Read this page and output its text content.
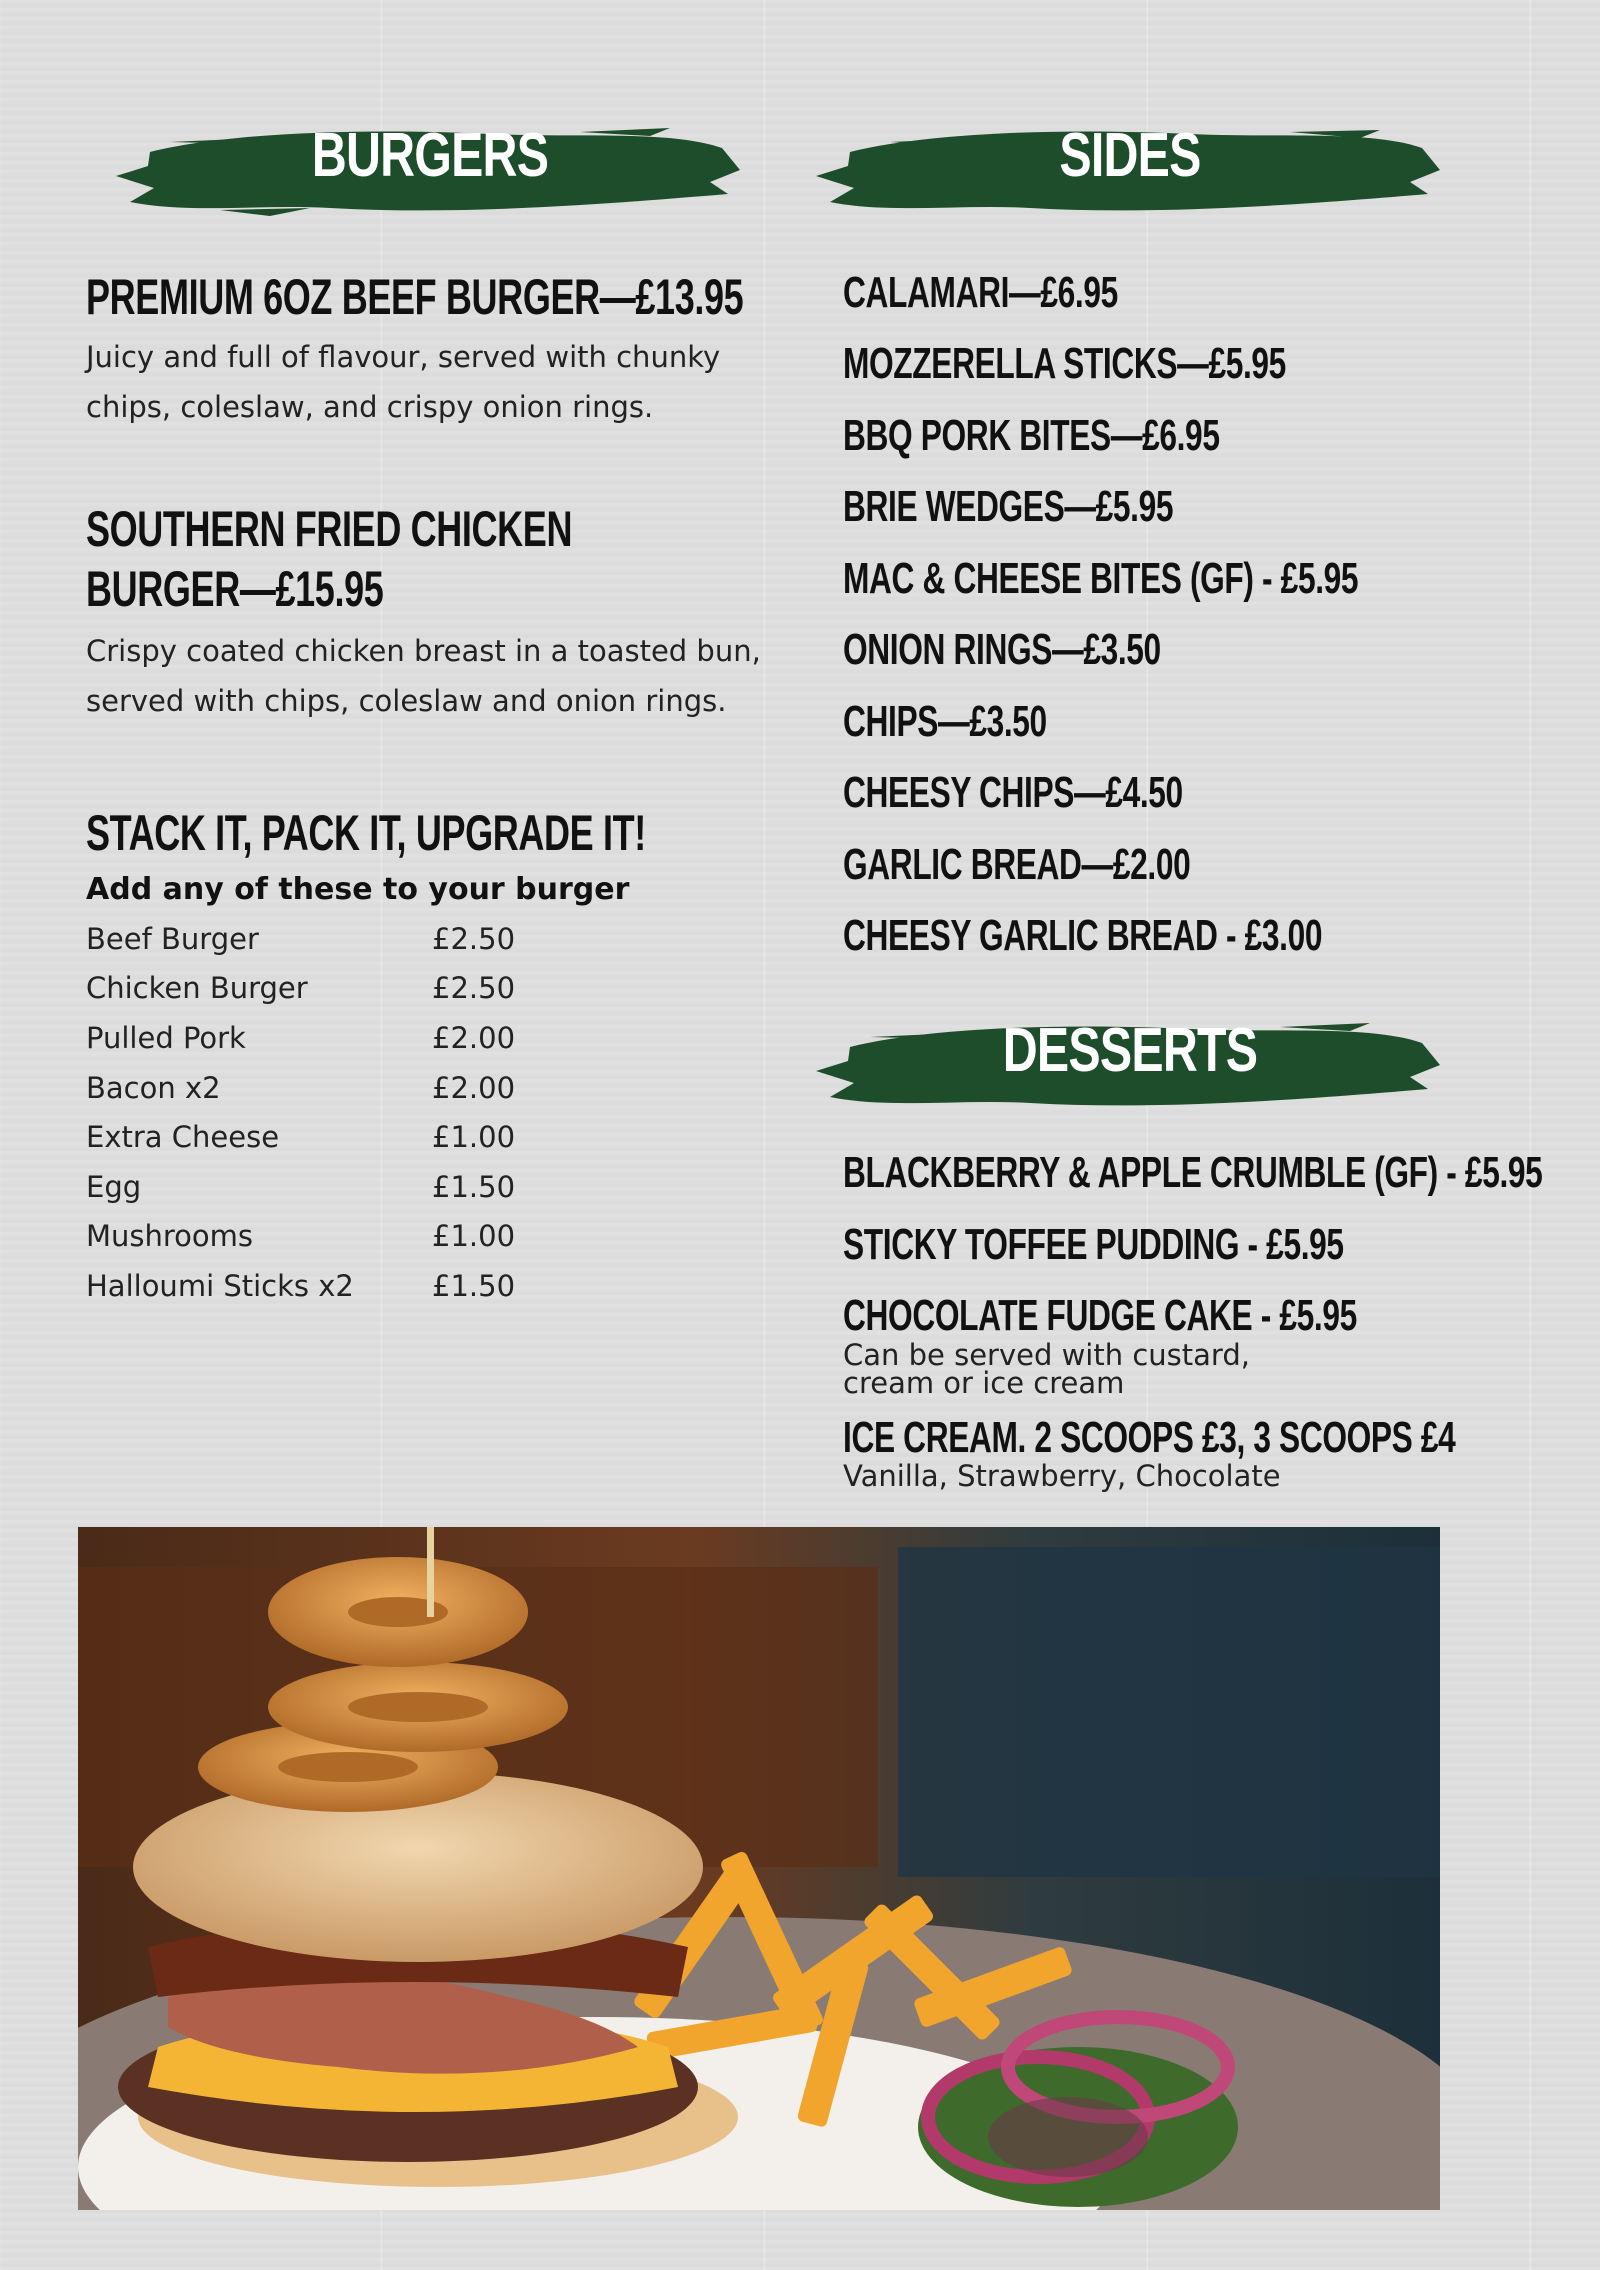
BURGERS	SIDES
DESSERTS
PREMIUM 6OZ BEEF BURGER—£13.95
Juicy and full of flavour, served with chunky chips, coleslaw, and crispy onion rings.
SOUTHERN FRIED CHICKEN
BURGER—£15.95
Crispy coated chicken breast in a toasted bun, served with chips, coleslaw and onion rings.
STACK IT, PACK IT, UPGRADE IT!
Add any of these to your burger
Beef Burger	£2.50
Chicken Burger	£2.50
Pulled Pork	£2.00
Bacon x2	£2.00
Extra Cheese	£1.00
Egg	£1.50
Mushrooms	£1.00
Halloumi Sticks x2	£1.50
CALAMARI—£6.95
MOZZERELLA STICKS—£5.95
BBQ PORK BITES—£6.95
BRIE WEDGES—£5.95
MAC & CHEESE BITES (GF) - £5.95
ONION RINGS—£3.50
CHIPS—£3.50
CHEESY CHIPS—£4.50
GARLIC BREAD—£2.00
CHEESY GARLIC BREAD - £3.00
BLACKBERRY & APPLE CRUMBLE (GF) - £5.95
STICKY TOFFEE PUDDING - £5.95
CHOCOLATE FUDGE CAKE - £5.95
Can be served with custard,
cream or ice cream
ICE CREAM. 2 SCOOPS £3, 3 SCOOPS £4
Vanilla, Strawberry, Chocolate
